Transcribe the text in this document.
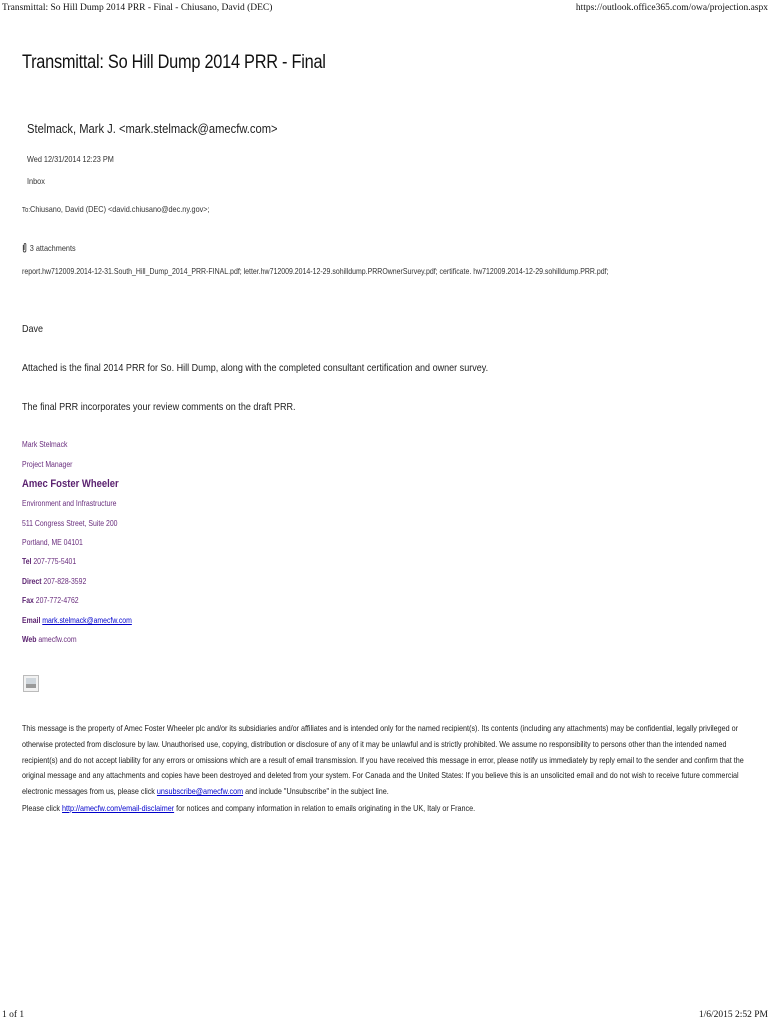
Transmittal: So Hill Dump 2014 PRR - Final - Chiusano, David (DEC)	https://outlook.office365.com/owa/projection.aspx
Transmittal: So Hill Dump 2014 PRR - Final
Stelmack, Mark J. <mark.stelmack@amecfw.com>
Wed 12/31/2014 12:23 PM
Inbox
To:Chiusano, David (DEC) <david.chiusano@dec.ny.gov>;
3 attachments
report.hw712009.2014-12-31.South_Hill_Dump_2014_PRR-FINAL.pdf; letter.hw712009.2014-12-29.sohilldump.PRROwnerSurvey.pdf; certificate. hw712009.2014-12-29.sohilldump.PRR.pdf;
Dave
Attached is the final 2014 PRR for So. Hill Dump, along with the completed consultant certification and owner survey.
The final PRR incorporates your review comments on the draft PRR.
Mark Stelmack
Project Manager
Amec Foster Wheeler
Environment and Infrastructure
511 Congress Street, Suite 200
Portland, ME 04101
Tel 207-775-5401
Direct 207-828-3592
Fax 207-772-4762
Email mark.stelmack@amecfw.com
Web amecfw.com
This message is the property of Amec Foster Wheeler plc and/or its subsidiaries and/or affiliates and is intended only for the named recipient(s). Its contents (including any attachments) may be confidential, legally privileged or otherwise protected from disclosure by law. Unauthorised use, copying, distribution or disclosure of any of it may be unlawful and is strictly prohibited. We assume no responsibility to persons other than the intended named recipient(s) and do not accept liability for any errors or omissions which are a result of email transmission. If you have received this message in error, please notify us immediately by reply email to the sender and confirm that the original message and any attachments and copies have been destroyed and deleted from your system. For Canada and the United States: If you believe this is an unsolicited email and do not wish to receive future commercial electronic messages from us, please click unsubscribe@amecfw.com and include "Unsubscribe" in the subject line.
Please click http://amecfw.com/email-disclaimer for notices and company information in relation to emails originating in the UK, Italy or France.
1 of 1	1/6/2015 2:52 PM
